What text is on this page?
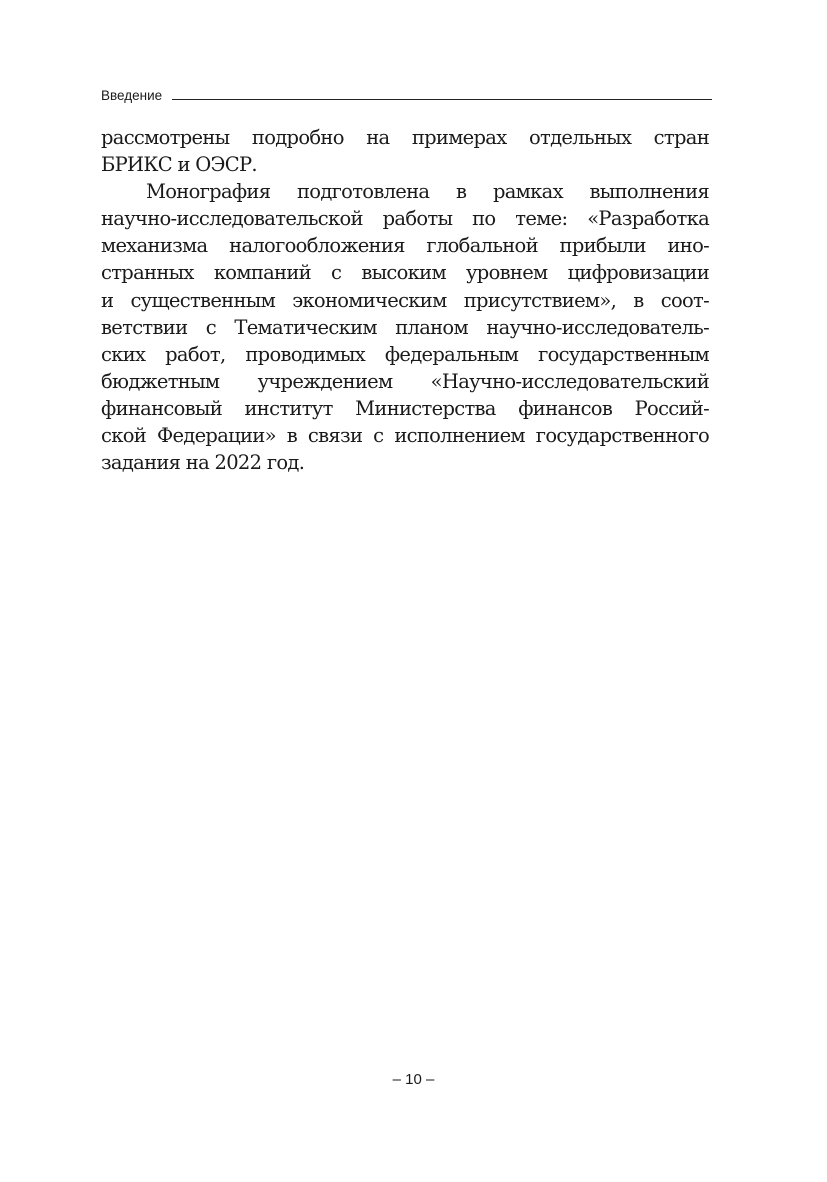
Введение
рассмотрены подробно на примерах отдельных стран
БРИКС и ОЭСР.
Монография подготовлена в рамках выполнения
научно-исследовательской работы по теме: «Разработка
механизма налогообложения глобальной прибыли ино-
странных компаний с высоким уровнем цифровизации
и существенным экономическим присутствием», в соот-
ветствии с Тематическим планом научно-исследователь-
ских работ, проводимых федеральным государственным
бюджетным учреждением «Научно-исследовательский
финансовый институт Министерства финансов Россий-
ской Федерации» в связи с исполнением государственного
задания на 2022 год.
– 10 –
